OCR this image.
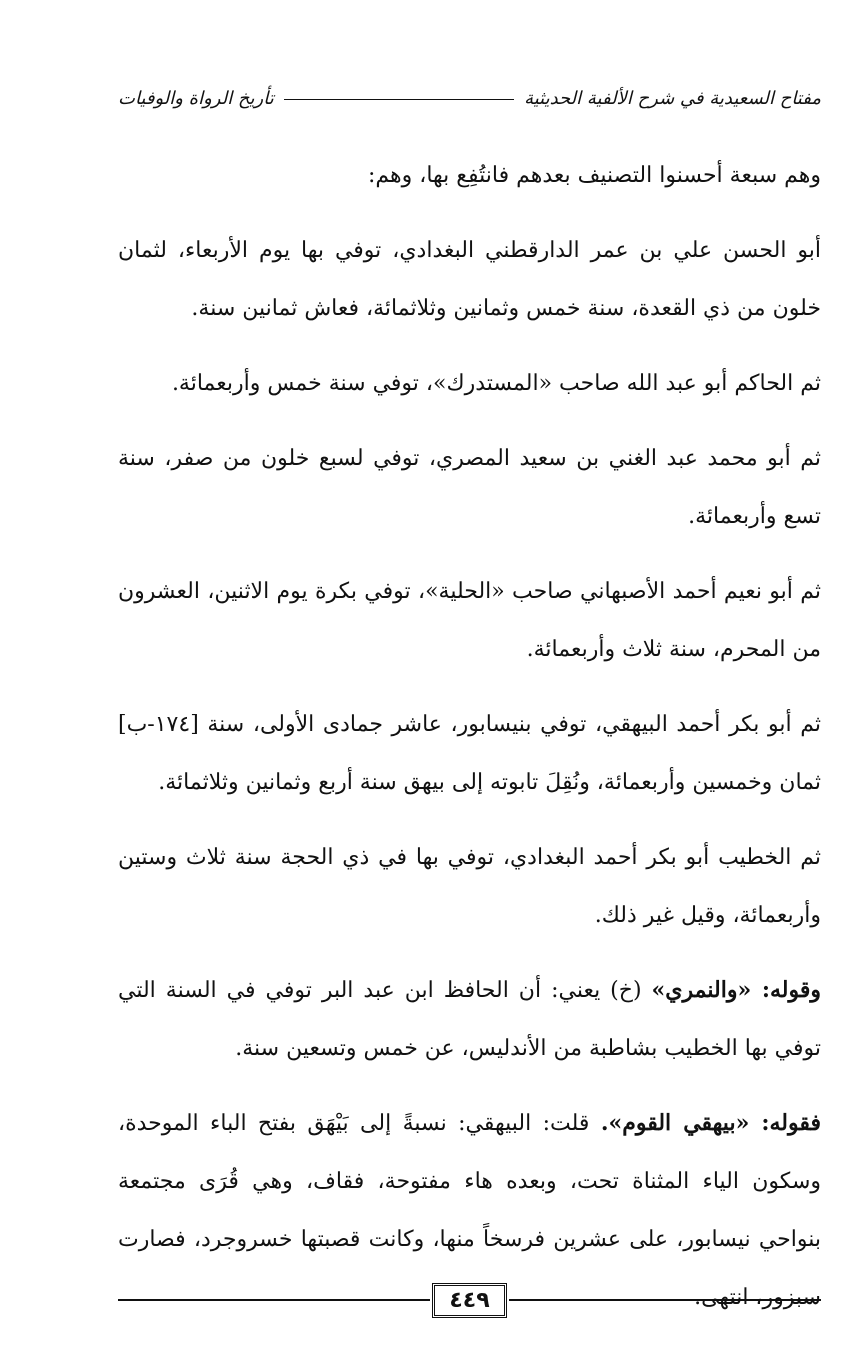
مفتاح السعيدية في شرح الألفية الحديثية
تأريخ الرواة والوفيات

وهم سبعة أحسنوا التصنيف بعدهم فانتُفِع بها، وهم:

أبو الحسن علي بن عمر الدارقطني البغدادي، توفي بها يوم الأربعاء، لثمان خلون من ذي القعدة، سنة خمس وثمانين وثلاثمائة، فعاش ثمانين سنة.

ثم الحاكم أبو عبد الله صاحب «المستدرك»، توفي سنة خمس وأربعمائة.

ثم أبو محمد عبد الغني بن سعيد المصري، توفي لسبع خلون من صفر، سنة تسع وأربعمائة.

ثم أبو نعيم أحمد الأصبهاني صاحب «الحلية»، توفي بكرة يوم الاثنين، العشرون من المحرم، سنة ثلاث وأربعمائة.

ثم أبو بكر أحمد البيهقي، توفي بنيسابور، عاشر جمادى الأولى، سنة [١٧٤-ب] ثمان وخمسين وأربعمائة، ونُقِلَ تابوته إلى بيهق سنة أربع وثمانين وثلاثمائة.

ثم الخطيب أبو بكر أحمد البغدادي، توفي بها في ذي الحجة سنة ثلاث وستين وأربعمائة، وقيل غير ذلك.

وقوله: «والنمري» (خ) يعني: أن الحافظ ابن عبد البر توفي في السنة التي توفي بها الخطيب بشاطبة من الأندليس، عن خمس وتسعين سنة.

فقوله: «بيهقي القوم». قلت: البيهقي: نسبةً إلى بَيْهَق بفتح الباء الموحدة، وسكون الياء المثناة تحت، وبعده هاء مفتوحة، فقاف، وهي قُرَى مجتمعة بنواحي نيسابور، على عشرين فرسخاً منها، وكانت قصبتها خسروجرد، فصارت سبزور، انتهى.

٤٤٩
